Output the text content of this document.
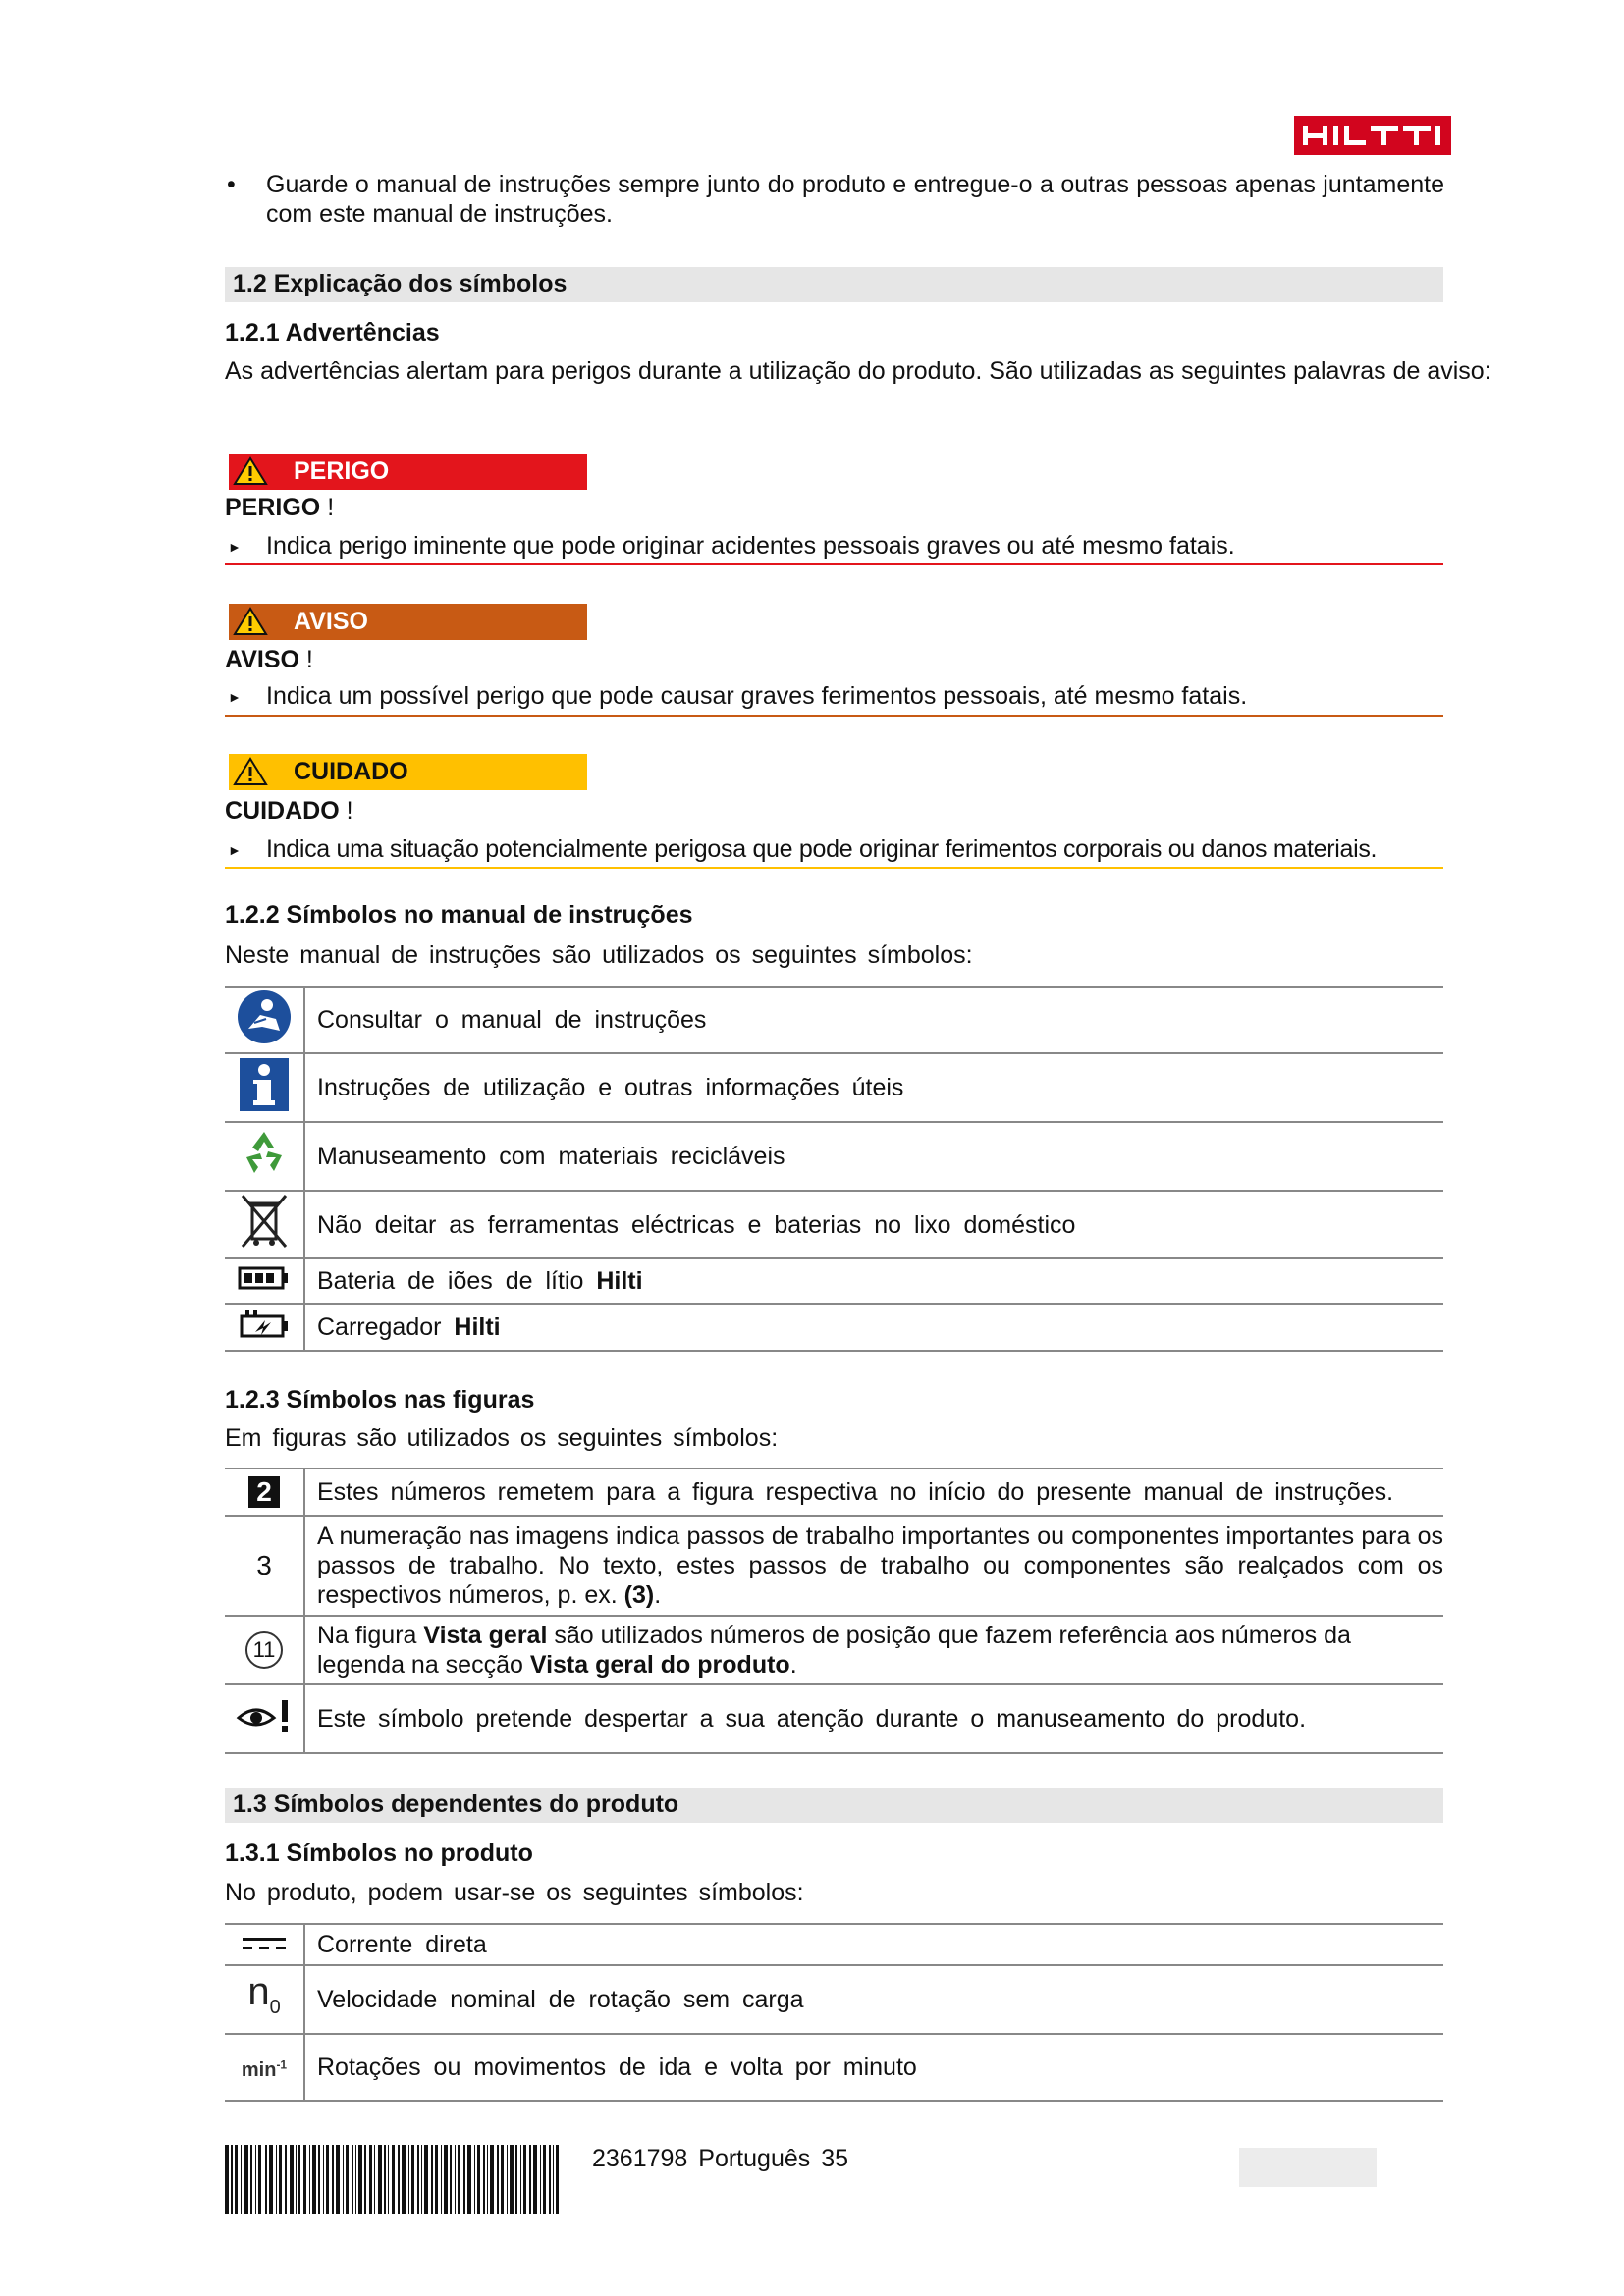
• Guarde o manual de instruções sempre junto do produto e entregue-o a outras pessoas apenas juntamente com este manual de instruções.
1.2 Explicação dos símbolos
1.2.1 Advertências
As advertências alertam para perigos durante a utilização do produto. São utilizadas as seguintes palavras de aviso:
PERIGO
PERIGO !
► Indica perigo iminente que pode originar acidentes pessoais graves ou até mesmo fatais.
AVISO
AVISO !
► Indica um possível perigo que pode causar graves ferimentos pessoais, até mesmo fatais.
CUIDADO
CUIDADO !
► Indica uma situação potencialmente perigosa que pode originar ferimentos corporais ou danos materiais.
1.2.2 Símbolos no manual de instruções
Neste manual de instruções são utilizados os seguintes símbolos:
	Consultar o manual de instruções
	Instruções de utilização e outras informações úteis
	Manuseamento com materiais recicláveis
	Não deitar as ferramentas eléctricas e baterias no lixo doméstico
	Bateria de iões de lítio Hilti
	Carregador Hilti
1.2.3 Símbolos nas figuras
Em figuras são utilizados os seguintes símbolos:
2	Estes números remetem para a figura respectiva no início do presente manual de instruções.
3	A numeração nas imagens indica passos de trabalho importantes ou componentes importantes para os passos de trabalho. No texto, estes passos de trabalho ou componentes são realçados com os respectivos números, p. ex. (3).
11	Na figura Vista geral são utilizados números de posição que fazem referência aos números da legenda na secção Vista geral do produto.
	Este símbolo pretende despertar a sua atenção durante o manuseamento do produto.
1.3 Símbolos dependentes do produto
1.3.1 Símbolos no produto
No produto, podem usar-se os seguintes símbolos:
	Corrente direta
$n_0$	Velocidade nominal de rotação sem carga
$\min^{-1}$	Rotações ou movimentos de ida e volta por minuto
2361798 Português 35
